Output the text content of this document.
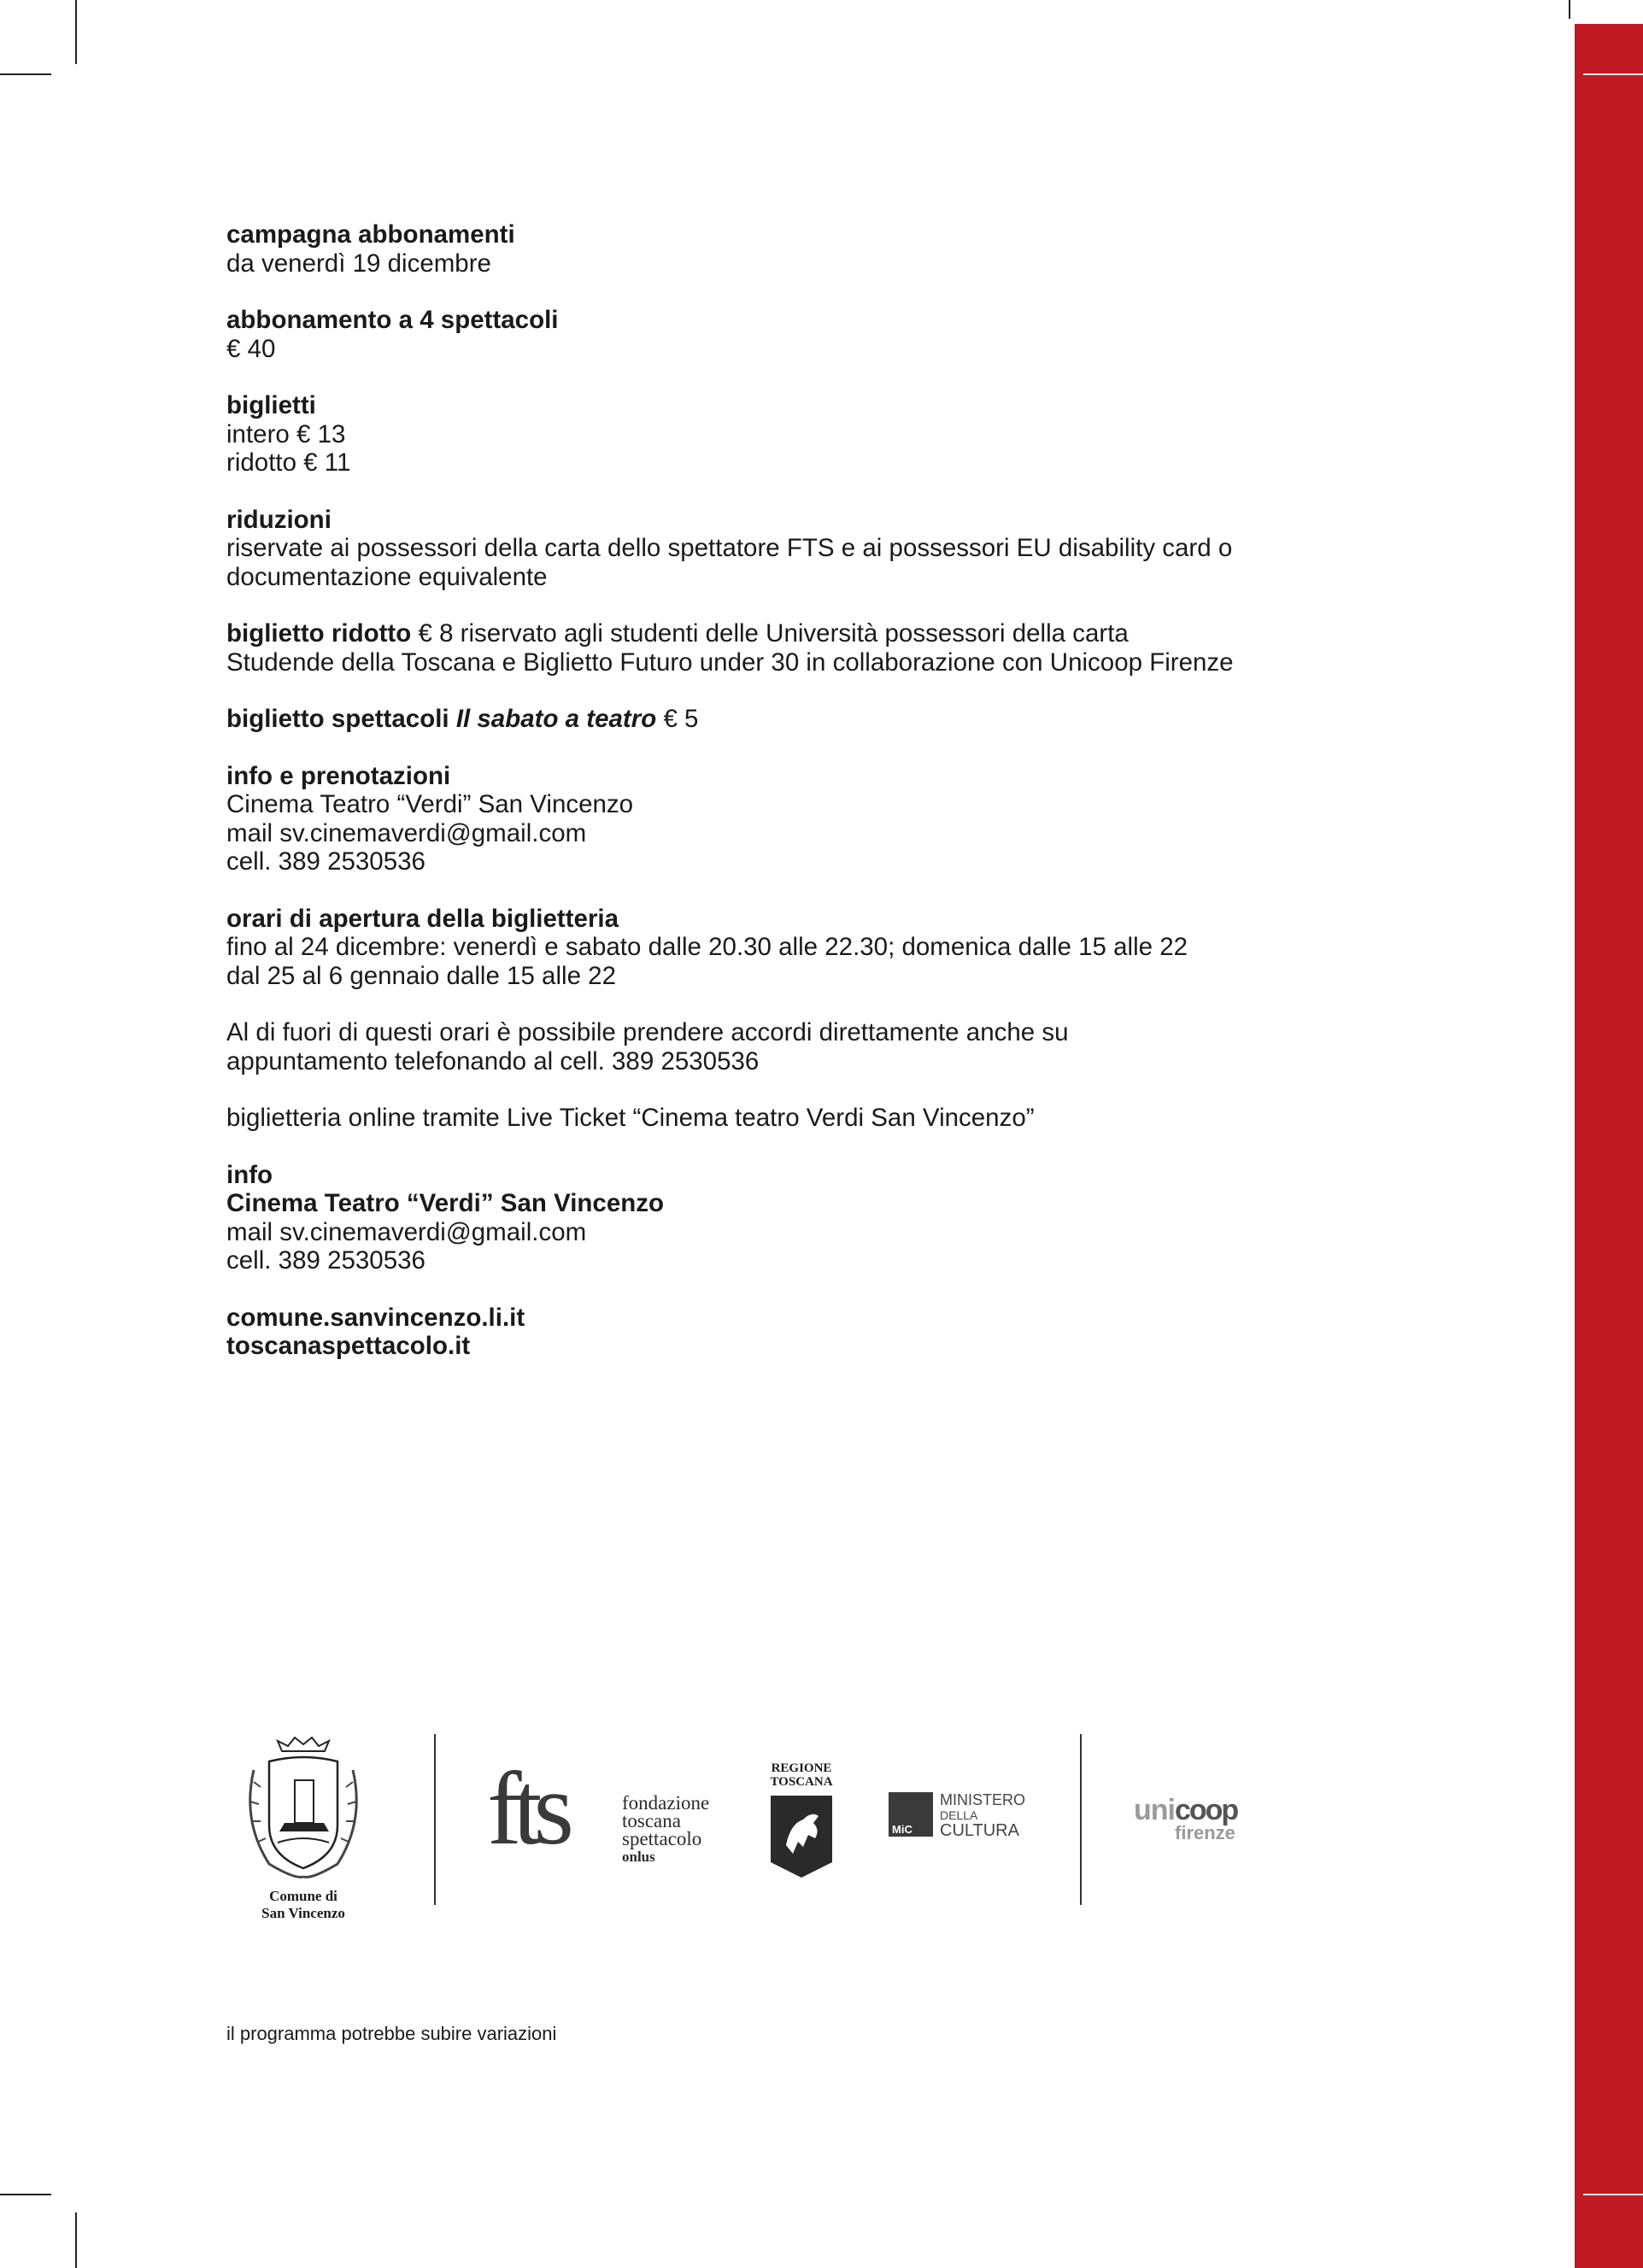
campagna abbonamenti
da venerdì 19 dicembre
abbonamento a 4 spettacoli
€ 40
biglietti
intero € 13
ridotto € 11
riduzioni
riservate ai possessori della carta dello spettatore FTS e ai possessori EU disability card o
documentazione equivalente
biglietto ridotto € 8 riservato agli studenti delle Università possessori della carta
Studende della Toscana e Biglietto Futuro under 30 in collaborazione con Unicoop Firenze
biglietto spettacoli Il sabato a teatro € 5
info e prenotazioni
Cinema Teatro “Verdi” San Vincenzo
mail sv.cinemaverdi@gmail.com
cell. 389 2530536
orari di apertura della biglietteria
fino al 24 dicembre: venerdì e sabato dalle 20.30 alle 22.30; domenica dalle 15 alle 22
dal 25 al 6 gennaio dalle 15 alle 22
Al di fuori di questi orari è possibile prendere accordi direttamente anche su
appuntamento telefonando al cell. 389 2530536
biglietteria online tramite Live Ticket “Cinema teatro Verdi San Vincenzo”
info
Cinema Teatro “Verdi” San Vincenzo
mail sv.cinemaverdi@gmail.com
cell. 389 2530536
comune.sanvincenzo.li.it
toscanaspettacolo.it
Comune di
San Vincenzo
fts	fondazione
toscana
spettacolo
onlus
REGIONE
TOSCANA
MiC
MINISTERO
DELLA
CULTURA
unicoop
firenze
il programma potrebbe subire variazioni
